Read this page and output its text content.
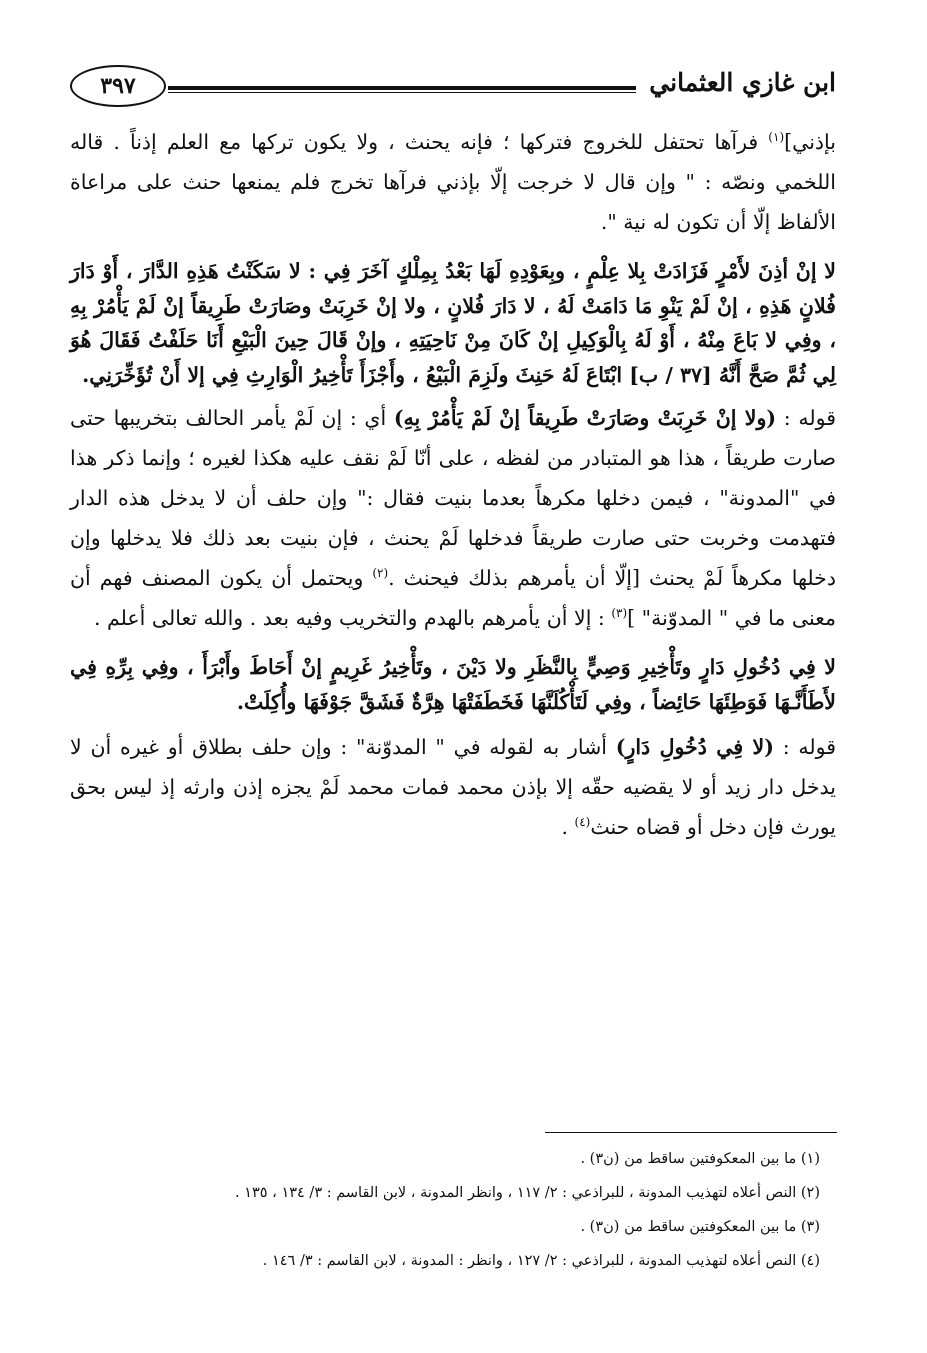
ابن غازي العثماني
٣٩٧

بإذني]$^{(١)}$ فرآها تحتفل للخروج فتركها ؛ فإنه يحنث ، ولا يكون تركها مع العلم إذناً . قاله اللخمي ونصّه : " وإن قال لا خرجت إلّا بإذني فرآها تخرج فلم يمنعها حنث على مراعاة الألفاظ إلّا أن تكون له نية ".

لا إنْ أذِنَ لأَمْرٍ فَزَادَتْ بِلا عِلْمٍ ، وبِعَوْدِهِ لَهَا بَعْدُ بِمِلْكٍ آخَرَ فِي : لا سَكَنْتُ هَذِهِ الدَّارَ ، أَوْ دَارَ فُلانٍ هَذِهِ ، إنْ لَمْ يَنْوِ مَا دَامَتْ لَهُ ، لا دَارَ فُلانٍ ، ولا إنْ خَرِبَتْ وصَارَتْ طَرِيقاً إنْ لَمْ يَأْمُرْ بِهِ ، وفِي لا بَاعَ مِنْهُ ، أَوْ لَهُ بِالْوَكِيلِ إنْ كَانَ مِنْ نَاحِيَتِهِ ، وإنْ قَالَ حِينَ الْبَيْعِ أَنَا حَلَفْتُ فَقَالَ هُوَ لِي ثُمَّ صَحَّ أَنَّهُ [٣٧ / ب] ابْتَاعَ لَهُ حَنِثَ ولَزِمَ الْبَيْعُ ، وأَجْزَأَ تَأْخِيرُ الْوَارِثِ فِي إلا أَنْ تُؤَخِّرَنِي.

قوله : (ولا إنْ خَرِبَتْ وصَارَتْ طَرِيقاً إنْ لَمْ يَأْمُرْ بِهِ) أي : إن لَمْ يأمر الحالف بتخريبها حتى صارت طريقاً ، هذا هو المتبادر من لفظه ، على أنّا لَمْ نقف عليه هكذا لغيره ؛ وإنما ذكر هذا في "المدونة" ، فيمن دخلها مكرهاً بعدما بنيت فقال :" وإن حلف أن لا يدخل هذه الدار فتهدمت وخربت حتى صارت طريقاً فدخلها لَمْ يحنث ، فإن بنيت بعد ذلك فلا يدخلها وإن دخلها مكرهاً لَمْ يحنث [إلّا أن يأمرهم بذلك فيحنث .$^{(٢)}$ ويحتمل أن يكون المصنف فهم أن معنى ما في " المدوّنة" ]$^{(٣)}$ : إلا أن يأمرهم بالهدم والتخريب وفيه بعد . والله تعالى أعلم .

لا فِي دُخُولِ دَارٍ وتَأْخِيرِ وَصِيٍّ بِالنَّظَرِ ولا دَيْنَ ، وتَأْخِيرُ غَرِيمٍ إنْ أَحَاطَ وأَبْرَأَ ، وفِي بِرِّهِ فِي لأَطَأَنَّـهَا فَوَطِئَهَا حَائِضاً ، وفِي لَتَأْكُلَنَّهَا فَخَطَفَتْهَا هِرَّةٌ فَشَقَّ جَوْفَهَا وأُكِلَتْ.

قوله : (لا فِي دُخُولِ دَارٍ) أشار به لقوله في " المدوّنة" : وإن حلف بطلاق أو غيره أن لا يدخل دار زيد أو لا يقضيه حقّه إلا بإذن محمد فمات محمد لَمْ يجزه إذن وارثه إذ ليس بحق يورث فإن دخل أو قضاه حنث$^{(٤)}$ .

(١) ما بين المعكوفتين ساقط من (ن٣) .
(٢) النص أعلاه لتهذيب المدونة ، للبراذعي : ٢/ ١١٧ ، وانظر المدونة ، لابن القاسم : ٣/ ١٣٤ ، ١٣٥ .
(٣) ما بين المعكوفتين ساقط من (ن٣) .
(٤) النص أعلاه لتهذيب المدونة ، للبراذعي : ٢/ ١٢٧ ، وانظر : المدونة ، لابن القاسم : ٣/ ١٤٦ .
